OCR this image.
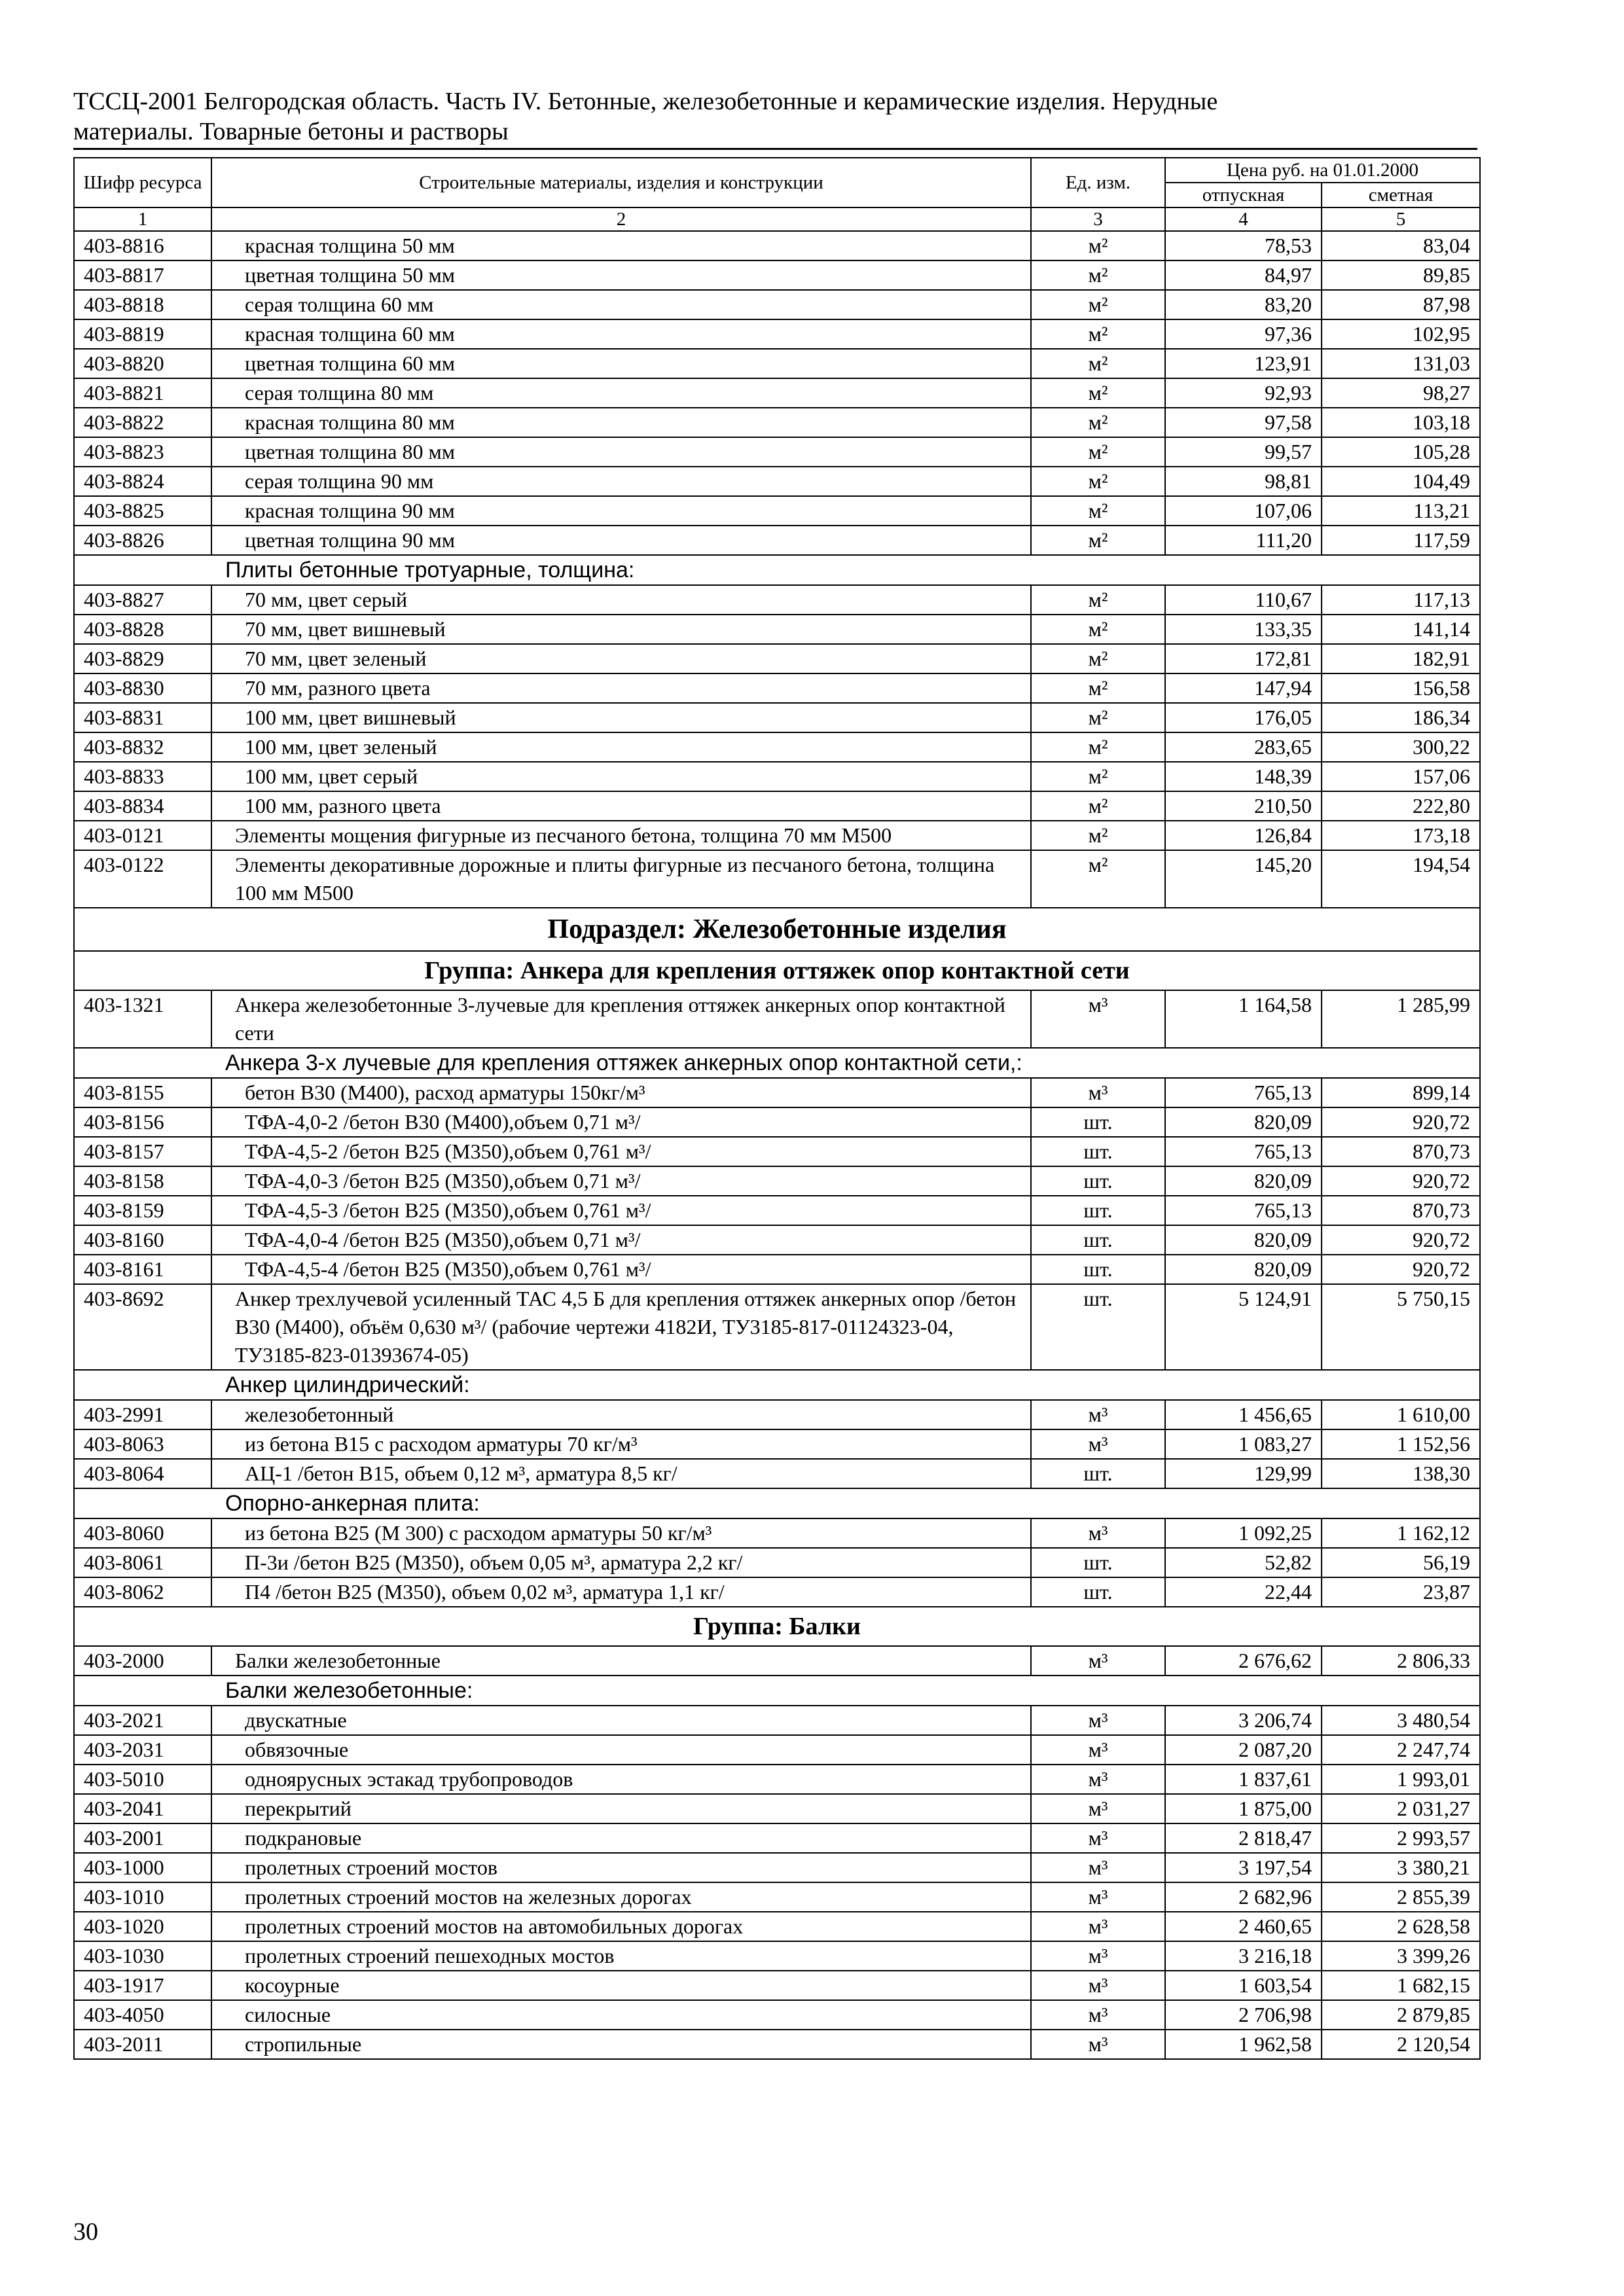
ТССЦ-2001 Белгородская область. Часть IV. Бетонные, железобетонные и керамические изделия. Нерудные
материалы. Товарные бетоны и растворы
Шифр ресурса	Строительные материалы, изделия и конструкции	Ед. изм.	Цена руб. на 01.01.2000	
			отпускная	сметная
1	2	3	4	5
403-8816	красная толщина 50 мм	м²	78,53	83,04
403-8817	цветная толщина 50 мм	м²	84,97	89,85
403-8818	серая толщина 60 мм	м²	83,20	87,98
403-8819	красная толщина 60 мм	м²	97,36	102,95
403-8820	цветная толщина 60 мм	м²	123,91	131,03
403-8821	серая толщина 80 мм	м²	92,93	98,27
403-8822	красная толщина 80 мм	м²	97,58	103,18
403-8823	цветная толщина 80 мм	м²	99,57	105,28
403-8824	серая толщина 90 мм	м²	98,81	104,49
403-8825	красная толщина 90 мм	м²	107,06	113,21
403-8826	цветная толщина 90 мм	м²	111,20	117,59
Плиты бетонные тротуарные, толщина:				
403-8827	70 мм, цвет серый	м²	110,67	117,13
403-8828	70 мм, цвет вишневый	м²	133,35	141,14
403-8829	70 мм, цвет зеленый	м²	172,81	182,91
403-8830	70 мм, разного цвета	м²	147,94	156,58
403-8831	100 мм, цвет вишневый	м²	176,05	186,34
403-8832	100 мм, цвет зеленый	м²	283,65	300,22
403-8833	100 мм, цвет серый	м²	148,39	157,06
403-8834	100 мм, разного цвета	м²	210,50	222,80
403-0121	Элементы мощения фигурные из песчаного бетона, толщина 70 мм М500	м²	126,84	173,18
403-0122	Элементы декоративные дорожные и плиты фигурные из песчаного бетона, толщина 100 мм М500	м²	145,20	194,54
Подраздел: Железобетонные изделия				
Группа: Анкера для крепления оттяжек опор контактной сети				
403-1321	Анкера железобетонные 3-лучевые для крепления оттяжек анкерных опор контактной сети	м³	1 164,58	1 285,99
Анкера 3-х лучевые для крепления оттяжек анкерных опор контактной сети,:				
403-8155	бетон В30 (М400), расход арматуры 150кг/м³	м³	765,13	899,14
403-8156	ТФА-4,0-2 /бетон В30 (М400),объем 0,71 м³/	шт.	820,09	920,72
403-8157	ТФА-4,5-2 /бетон В25 (М350),объем 0,761 м³/	шт.	765,13	870,73
403-8158	ТФА-4,0-3 /бетон В25 (М350),объем 0,71 м³/	шт.	820,09	920,72
403-8159	ТФА-4,5-3 /бетон В25 (М350),объем 0,761 м³/	шт.	765,13	870,73
403-8160	ТФА-4,0-4 /бетон В25 (М350),объем 0,71 м³/	шт.	820,09	920,72
403-8161	ТФА-4,5-4 /бетон В25 (М350),объем 0,761 м³/	шт.	820,09	920,72
403-8692	Анкер трехлучевой усиленный ТАС 4,5 Б для крепления оттяжек анкерных опор /бетон В30 (М400), объём 0,630 м³/ (рабочие чертежи 4182И, ТУ3185-817-01124323-04, ТУ3185-823-01393674-05)	шт.	5 124,91	5 750,15
Анкер цилиндрический:				
403-2991	железобетонный	м³	1 456,65	1 610,00
403-8063	из бетона В15 с расходом арматуры 70 кг/м³	м³	1 083,27	1 152,56
403-8064	АЦ-1 /бетон В15, объем 0,12 м³, арматура 8,5 кг/	шт.	129,99	138,30
Опорно-анкерная плита:				
403-8060	из бетона В25 (М 300) с расходом арматуры 50 кг/м³	м³	1 092,25	1 162,12
403-8061	П-3и /бетон В25 (М350), объем 0,05 м³, арматура 2,2 кг/	шт.	52,82	56,19
403-8062	П4 /бетон В25 (М350), объем 0,02 м³, арматура 1,1 кг/	шт.	22,44	23,87
Группа: Балки				
403-2000	Балки железобетонные	м³	2 676,62	2 806,33
Балки железобетонные:				
403-2021	двускатные	м³	3 206,74	3 480,54
403-2031	обвязочные	м³	2 087,20	2 247,74
403-5010	одноярусных эстакад трубопроводов	м³	1 837,61	1 993,01
403-2041	перекрытий	м³	1 875,00	2 031,27
403-2001	подкрановые	м³	2 818,47	2 993,57
403-1000	пролетных строений мостов	м³	3 197,54	3 380,21
403-1010	пролетных строений мостов на железных дорогах	м³	2 682,96	2 855,39
403-1020	пролетных строений мостов на автомобильных дорогах	м³	2 460,65	2 628,58
403-1030	пролетных строений пешеходных мостов	м³	3 216,18	3 399,26
403-1917	косоурные	м³	1 603,54	1 682,15
403-4050	силосные	м³	2 706,98	2 879,85
403-2011	стропильные	м³	1 962,58	2 120,54
30
